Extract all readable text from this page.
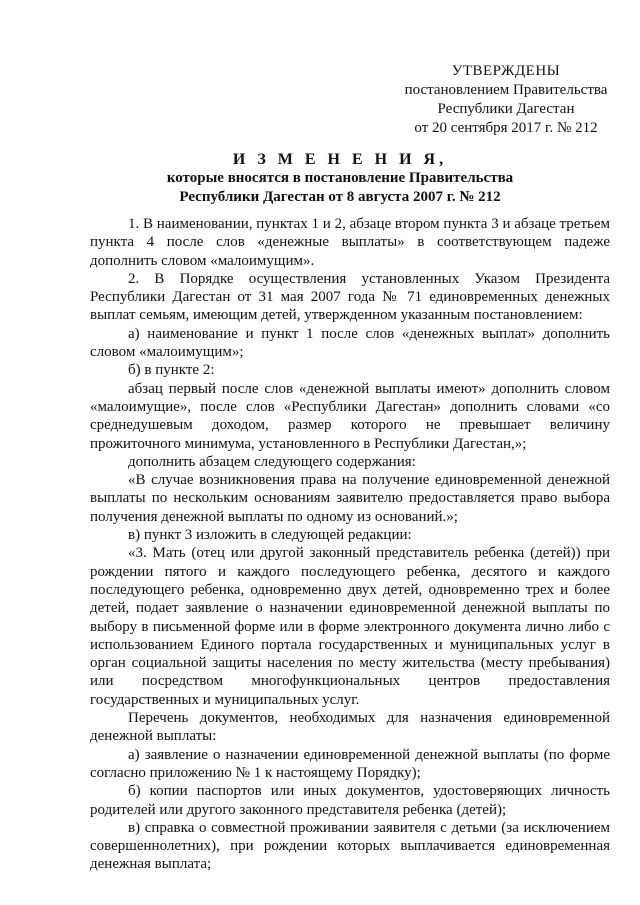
УТВЕРЖДЕНЫ
постановлением Правительства
Республики Дагестан
от 20 сентября 2017 г. № 212
И З М Е Н Е Н И Я,
которые вносятся в постановление Правительства
Республики Дагестан от 8 августа 2007 г. № 212

1. В наименовании, пунктах 1 и 2, абзаце втором пункта 3 и абзаце третьем пункта 4 после слов «денежные выплаты» в соответствующем падеже дополнить словом «малоимущим».

2. В Порядке осуществления установленных Указом Президента Республики Дагестан от 31 мая 2007 года № 71 единовременных денежных выплат семьям, имеющим детей, утвержденном указанным постановлением:

а) наименование и пункт 1 после слов «денежных выплат» дополнить словом «малоимущим»;

б) в пункте 2:

абзац первый после слов «денежной выплаты имеют» дополнить словом «малоимущие», после слов «Республики Дагестан» дополнить словами «со среднедушевым доходом, размер которого не превышает величину прожиточного минимума, установленного в Республики Дагестан,»;

дополнить абзацем следующего содержания:

«В случае возникновения права на получение единовременной денежной выплаты по нескольким основаниям заявителю предоставляется право выбора получения денежной выплаты по одному из оснований.»;

в) пункт 3 изложить в следующей редакции:

«3. Мать (отец или другой законный представитель ребенка (детей)) при рождении пятого и каждого последующего ребенка, десятого и каждого последующего ребенка, одновременно двух детей, одновременно трех и более детей, подает заявление о назначении единовременной денежной выплаты по выбору в письменной форме или в форме электронного документа лично либо с использованием Единого портала государственных и муниципальных услуг в орган социальной защиты населения по месту жительства (месту пребывания) или посредством многофункциональных центров предоставления государственных и муниципальных услуг.

Перечень документов, необходимых для назначения единовременной денежной выплаты:

а) заявление о назначении единовременной денежной выплаты (по форме согласно приложению № 1 к настоящему Порядку);

б) копии паспортов или иных документов, удостоверяющих личность родителей или другого законного представителя ребенка (детей);

в) справка о совместной проживании заявителя с детьми (за исключением совершеннолетних), при рождении которых выплачивается единовременная денежная выплата;
